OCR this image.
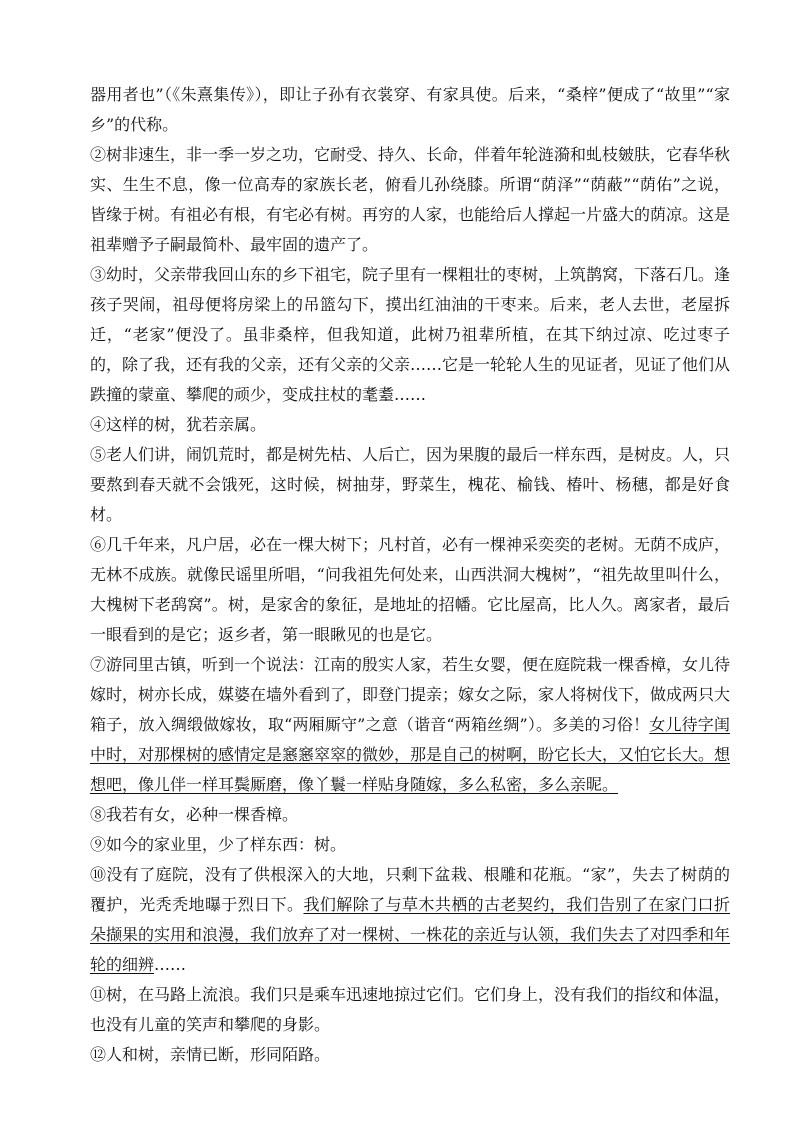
器用者也”（《朱熹集传》），即让子孙有衣裳穿、有家具使。后来，“桑梓”便成了“故里”“家乡”的代称。

②树非速生，非一季一岁之功，它耐受、持久、长命，伴着年轮涟漪和虬枝皴肤，它春华秋实、生生不息，像一位高寿的家族长老，俯看儿孙绕膝。所谓“荫泽”“荫蔽”“荫佑”之说，皆缘于树。有祖必有根，有宅必有树。再穷的人家，也能给后人撑起一片盛大的荫凉。这是祖辈赠予子嗣最简朴、最牢固的遗产了。

③幼时，父亲带我回山东的乡下祖宅，院子里有一棵粗壮的枣树，上筑鹊窝，下落石几。逢孩子哭闹，祖母便将房梁上的吊篮勾下，摸出红油油的干枣来。后来，老人去世，老屋拆迁，“老家”便没了。虽非桑梓，但我知道，此树乃祖辈所植，在其下纳过凉、吃过枣子的，除了我，还有我的父亲，还有父亲的父亲……它是一轮轮人生的见证者，见证了他们从跌撞的蒙童、攀爬的顽少，变成拄杖的耄耋……

④这样的树，犹若亲属。

⑤老人们讲，闹饥荒时，都是树先枯、人后亡，因为果腹的最后一样东西，是树皮。人，只要熬到春天就不会饿死，这时候，树抽芽，野菜生，槐花、榆钱、椿叶、杨穗，都是好食材。

⑥几千年来，凡户居，必在一棵大树下；凡村首，必有一棵神采奕奕的老树。无荫不成庐，无林不成族。就像民谣里所唱，“问我祖先何处来，山西洪洞大槐树”，“祖先故里叫什么，大槐树下老鸹窝”。树，是家舍的象征，是地址的招幡。它比屋高，比人久。离家者，最后一眼看到的是它；返乡者，第一眼瞅见的也是它。

⑦游同里古镇，听到一个说法：江南的殷实人家，若生女婴，便在庭院栽一棵香樟，女儿待嫁时，树亦长成，媒婆在墙外看到了，即登门提亲；嫁女之际，家人将树伐下，做成两只大箱子，放入绸缎做嫁妆，取“两厢厮守”之意（谐音“两箱丝绸”）。多美的习俗！女儿待字闺中时，对那棵树的感情定是窸窸窣窣的微妙，那是自己的树啊，盼它长大，又怕它长大。想想吧，像儿伴一样耳鬓厮磨，像丫鬟一样贴身随嫁，多么私密，多么亲昵。

⑧我若有女，必种一棵香樟。

⑨如今的家业里，少了样东西：树。

⑩没有了庭院，没有了供根深入的大地，只剩下盆栽、根雕和花瓶。“家”，失去了树荫的覆护，光秃秃地曝于烈日下。我们解除了与草木共栖的古老契约，我们告别了在家门口折朵撷果的实用和浪漫，我们放弃了对一棵树、一株花的亲近与认领，我们失去了对四季和年轮的细辨……

⑪树，在马路上流浪。我们只是乘车迅速地掠过它们。它们身上，没有我们的指纹和体温，也没有儿童的笑声和攀爬的身影。

⑫人和树，亲情已断，形同陌路。
